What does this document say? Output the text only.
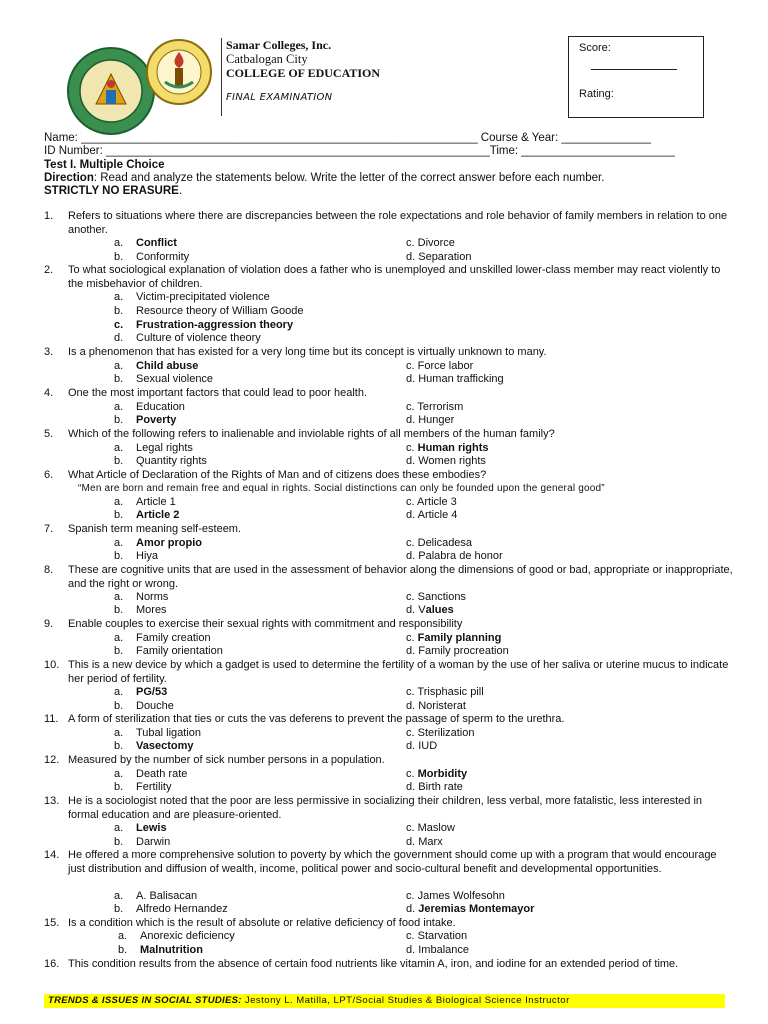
Samar Colleges, Inc.
Catbalogan City
COLLEGE OF EDUCATION
FINAL EXAMINATION
Score:
Rating:
Name: ______________________________________________________________ Course & Year: ______________
ID Number: ____________________________________________________________Time: ________________________
Test I. Multiple Choice
Direction: Read and analyze the statements below. Write the letter of the correct answer before each number.
STRICTLY NO ERASURE.
1. Refers to situations where there are discrepancies between the role expectations and role behavior of family members in relation to one another.
a. Conflict	c. Divorce
b. Conformity	d. Separation
2. To what sociological explanation of violation does a father who is unemployed and unskilled lower-class member may react violently to the misbehavior of children.
a. Victim-precipitated violence
b. Resource theory of William Goode
c. Frustration-aggression theory
d. Culture of violence theory
3. Is a phenomenon that has existed for a very long time but its concept is virtually unknown to many.
a. Child abuse	c. Force labor
b. Sexual violence	d. Human trafficking
4. One the most important factors that could lead to poor health.
a. Education	c. Terrorism
b. Poverty	d. Hunger
5. Which of the following refers to inalienable and inviolable rights of all members of the human family?
a. Legal rights	c. Human rights
b. Quantity rights	d. Women rights
6. What Article of Declaration of the Rights of Man and of citizens does these embodies?
“Men are born and remain free and equal in rights. Social distinctions can only be founded upon the general good”
a. Article 1	c. Article 3
b. Article 2	d. Article 4
7. Spanish term meaning self-esteem.
a. Amor propio	c. Delicadesa
b. Hiya	d. Palabra de honor
8. These are cognitive units that are used in the assessment of behavior along the dimensions of good or bad, appropriate or inappropriate, and the right or wrong.
a. Norms	c. Sanctions
b. Mores	d. Values
9. Enable couples to exercise their sexual rights with commitment and responsibility
a. Family creation	c. Family planning
b. Family orientation	d. Family procreation
10. This is a new device by which a gadget is used to determine the fertility of a woman by the use of her saliva or uterine mucus to indicate her period of fertility.
a. PG/53	c. Trisphasic pill
b. Douche	d. Noristerat
11. A form of sterilization that ties or cuts the vas deferens to prevent the passage of sperm to the urethra.
a. Tubal ligation	c. Sterilization
b. Vasectomy	d. IUD
12. Measured by the number of sick number persons in a population.
a. Death rate	c. Morbidity
b. Fertility	d. Birth rate
13. He is a sociologist noted that the poor are less permissive in socializing their children, less verbal, more fatalistic, less interested in formal education and are pleasure-oriented.
a. Lewis	c. Maslow
b. Darwin	d. Marx
14. He offered a more comprehensive solution to poverty by which the government should come up with a program that would encourage just distribution and diffusion of wealth, income, political power and socio-cultural benefit and developmental opportunities.
a. A. Balisacan	c. James Wolfesohn
b. Alfredo Hernandez	d. Jeremias Montemayor
15. Is a condition which is the result of absolute or relative deficiency of food intake.
a. Anorexic deficiency	c. Starvation
b. Malnutrition	d. Imbalance
16. This condition results from the absence of certain food nutrients like vitamin A, iron, and iodine for an extended period of time.
TRENDS & ISSUES IN SOCIAL STUDIES: Jestony L. Matilla, LPT/Social Studies & Biological Science Instructor
